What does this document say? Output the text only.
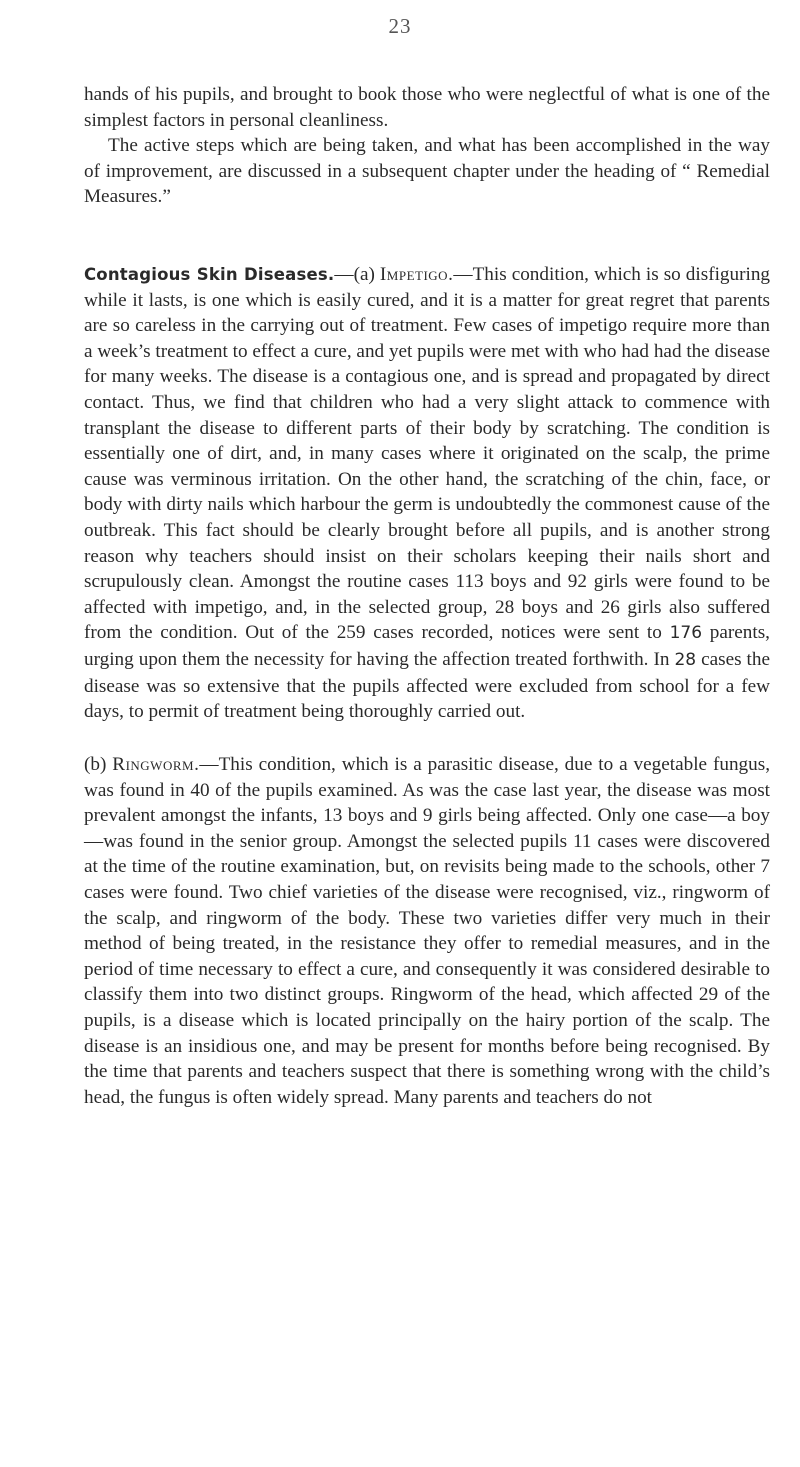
23

hands of his pupils, and brought to book those who were neglectful of what is one of the simplest factors in personal cleanliness.

The active steps which are being taken, and what has been accomplished in the way of improvement, are discussed in a subsequent chapter under the heading of “ Remedial Measures.”

Contagious Skin Diseases.—(a) Impetigo.—This condition, which is so disfiguring while it lasts, is one which is easily cured, and it is a matter for great regret that parents are so careless in the carrying out of treatment. Few cases of impetigo require more than a week’s treatment to effect a cure, and yet pupils were met with who had had the disease for many weeks. The disease is a contagious one, and is spread and propagated by direct contact. Thus, we find that children who had a very slight attack to commence with transplant the disease to different parts of their body by scratching. The condition is essentially one of dirt, and, in many cases where it originated on the scalp, the prime cause was verminous irritation. On the other hand, the scratching of the chin, face, or body with dirty nails which harbour the germ is undoubtedly the commonest cause of the outbreak. This fact should be clearly brought before all pupils, and is another strong reason why teachers should insist on their scholars keeping their nails short and scrupulously clean. Amongst the routine cases 113 boys and 92 girls were found to be affected with impetigo, and, in the selected group, 28 boys and 26 girls also suffered from the condition. Out of the 259 cases recorded, notices were sent to 176 parents, urging upon them the necessity for having the affection treated forthwith. In 28 cases the disease was so extensive that the pupils affected were excluded from school for a few days, to permit of treatment being thoroughly carried out.

(b) Ringworm.—This condition, which is a parasitic disease, due to a vegetable fungus, was found in 40 of the pupils examined. As was the case last year, the disease was most prevalent amongst the infants, 13 boys and 9 girls being affected. Only one case—a boy—was found in the senior group. Amongst the selected pupils 11 cases were discovered at the time of the routine examination, but, on revisits being made to the schools, other 7 cases were found. Two chief varieties of the disease were recognised, viz., ringworm of the scalp, and ringworm of the body. These two varieties differ very much in their method of being treated, in the resistance they offer to remedial measures, and in the period of time necessary to effect a cure, and consequently it was considered desirable to classify them into two distinct groups. Ringworm of the head, which affected 29 of the pupils, is a disease which is located principally on the hairy portion of the scalp. The disease is an insidious one, and may be present for months before being recognised. By the time that parents and teachers suspect that there is something wrong with the child’s head, the fungus is often widely spread. Many parents and teachers do not
